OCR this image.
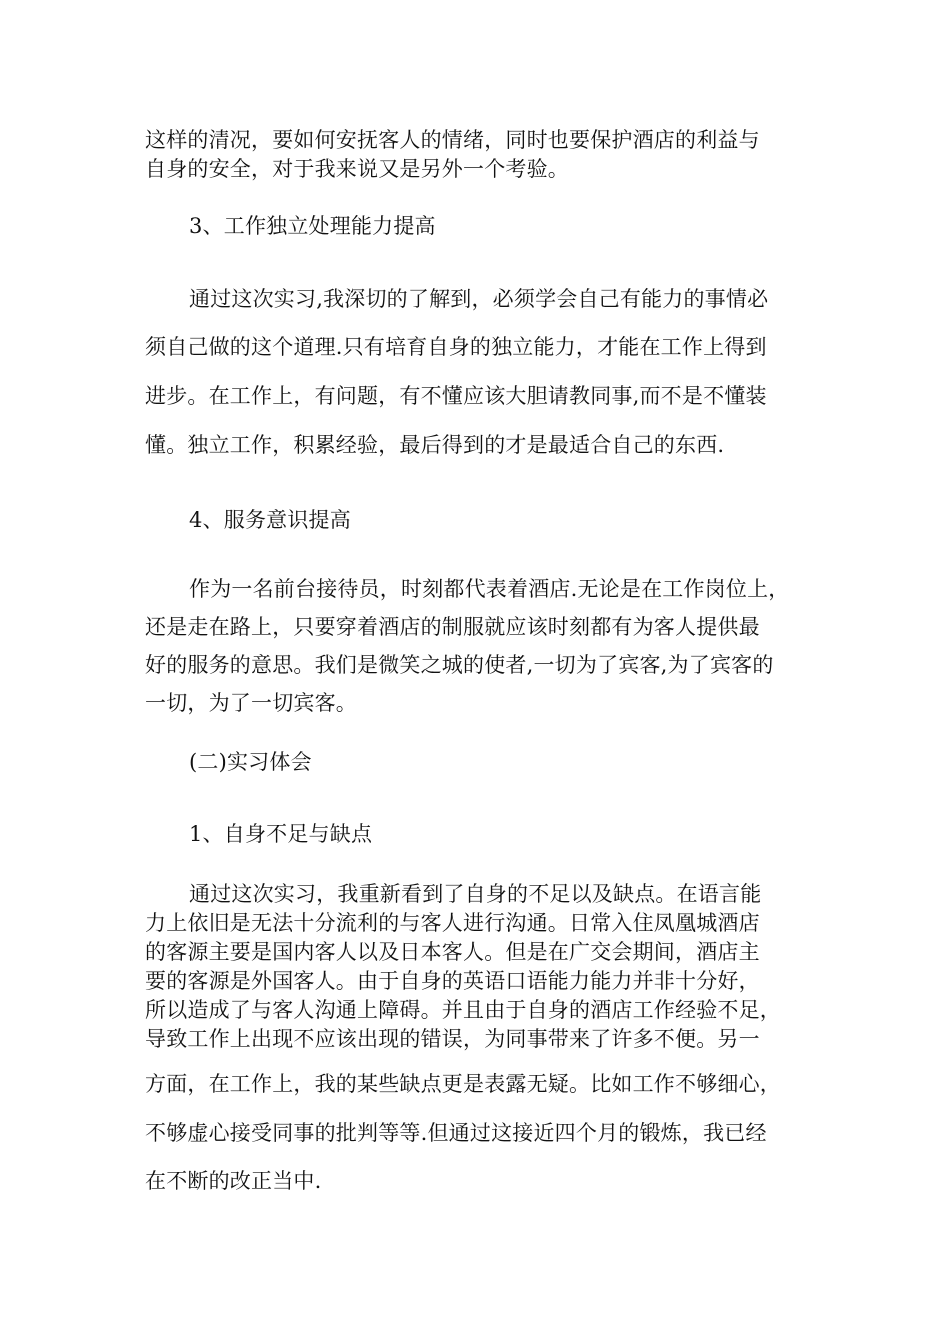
这样的清况，要如何安抚客人的情绪，同时也要保护酒店的利益与
自身的安全，对于我来说又是另外一个考验。
3、工作独立处理能力提高
通过这次实习,我深切的了解到，必须学会自己有能力的事情必
须自己做的这个道理.只有培育自身的独立能力，才能在工作上得到
进步。在工作上，有问题，有不懂应该大胆请教同事,而不是不懂装
懂。独立工作，积累经验，最后得到的才是最适合自己的东西.
4、服务意识提高
作为一名前台接待员，时刻都代表着酒店.无论是在工作岗位上，
还是走在路上，只要穿着酒店的制服就应该时刻都有为客人提供最
好的服务的意思。我们是微笑之城的使者,一切为了宾客,为了宾客的
一切，为了一切宾客。
(二)实习体会
1、自身不足与缺点
通过这次实习，我重新看到了自身的不足以及缺点。在语言能
力上依旧是无法十分流利的与客人进行沟通。日常入住凤凰城酒店
的客源主要是国内客人以及日本客人。但是在广交会期间，酒店主
要的客源是外国客人。由于自身的英语口语能力能力并非十分好，
所以造成了与客人沟通上障碍。并且由于自身的酒店工作经验不足，
导致工作上出现不应该出现的错误，为同事带来了许多不便。另一
方面，在工作上，我的某些缺点更是表露无疑。比如工作不够细心，
不够虚心接受同事的批判等等.但通过这接近四个月的锻炼，我已经
在不断的改正当中.
